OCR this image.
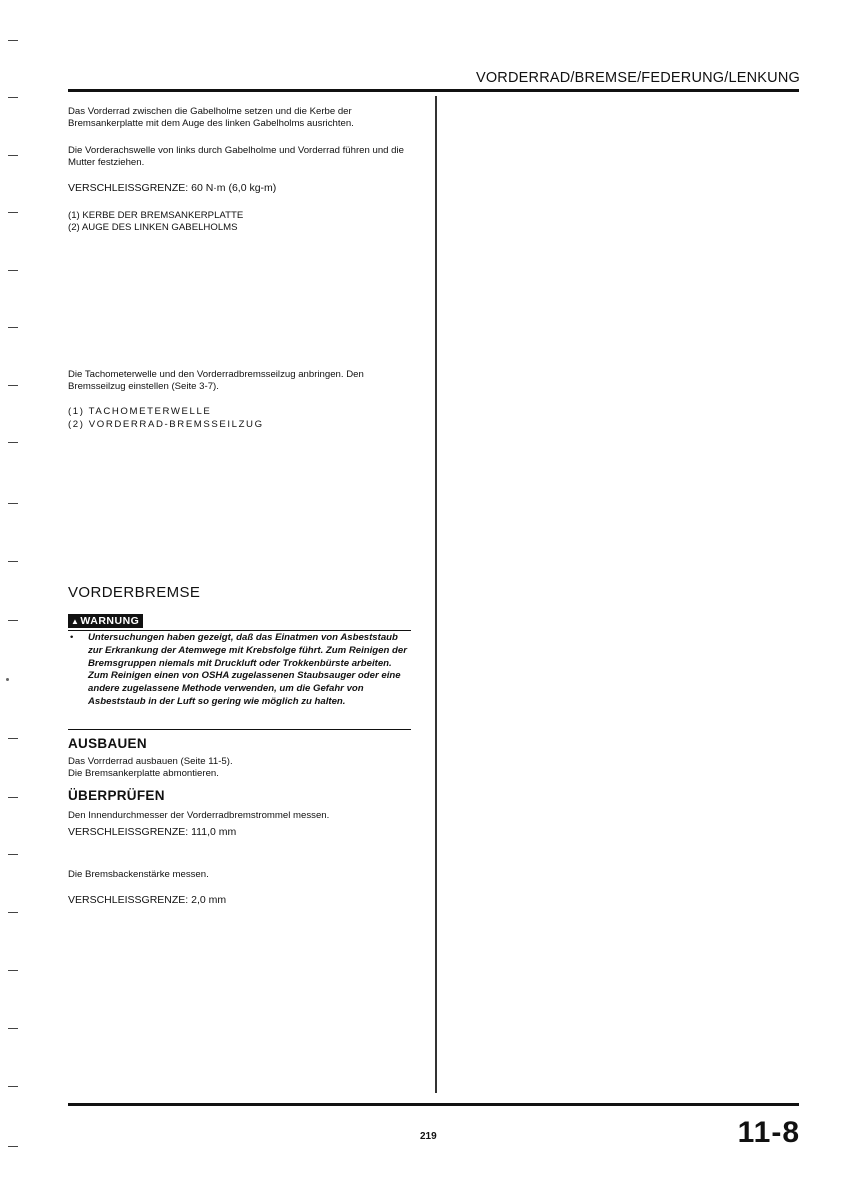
VORDERRAD/BREMSE/FEDERUNG/LENKUNG
Das Vorderrad zwischen die Gabelholme setzen und die Kerbe der Bremsankerplatte mit dem Auge des linken Gabelholms ausrichten.
Die Vorderachswelle von links durch Gabelholme und Vorderrad führen und die Mutter festziehen.
VERSCHLEISSGRENZE: 60 N·m (6,0 kg-m)
(1) KERBE DER BREMSANKERPLATTE
(2) AUGE DES LINKEN GABELHOLMS
Die Tachometerwelle und den Vorderradbremsseilzug anbringen. Den Bremsseilzug einstellen (Seite 3-7).
(1) TACHOMETERWELLE
(2) VORDERRAD-BREMSSEILZUG
VORDERBREMSE
▲WARNUNG
• Untersuchungen haben gezeigt, daß das Einatmen von Asbeststaub zur Erkrankung der Atemwege mit Krebsfolge führt. Zum Reinigen der Bremsgruppen niemals mit Druckluft oder Trokkenbürste arbeiten. Zum Reinigen einen von OSHA zugelassenen Staubsauger oder eine andere zugelassene Methode verwenden, um die Gefahr von Asbeststaub in der Luft so gering wie möglich zu halten.
AUSBAUEN
Das Vorrderrad ausbauen (Seite 11-5).
Die Bremsankerplatte abmontieren.
ÜBERPRÜFEN
Den Innendurchmesser der Vorderradbremstrommel messen.
VERSCHLEISSGRENZE: 111,0 mm
Die Bremsbackenstärke messen.
VERSCHLEISSGRENZE: 2,0 mm
219	11-8
